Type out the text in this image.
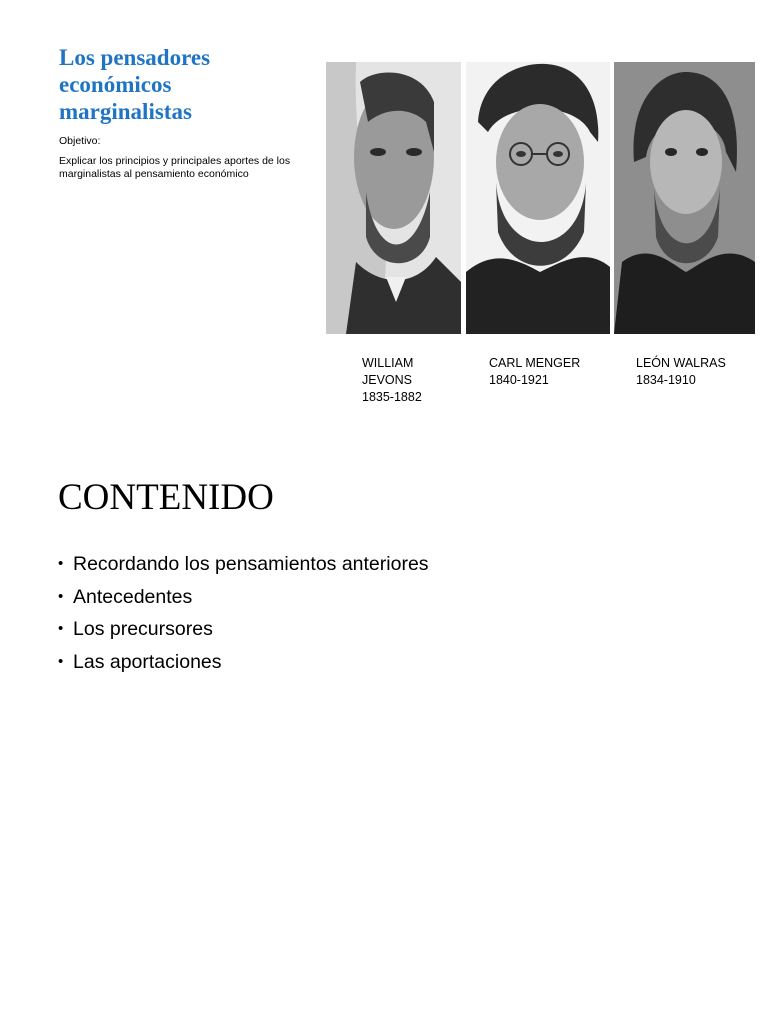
Los pensadores económicos marginalistas
Objetivo:
Explicar los principios y principales aportes de los marginalistas al pensamiento económico
WILLIAM
JEVONS
1835-1882
CARL MENGER
1840-1921
LEÓN WALRAS
1834-1910
CONTENIDO
• Recordando los pensamientos anteriores
• Antecedentes
• Los precursores
• Las aportaciones
